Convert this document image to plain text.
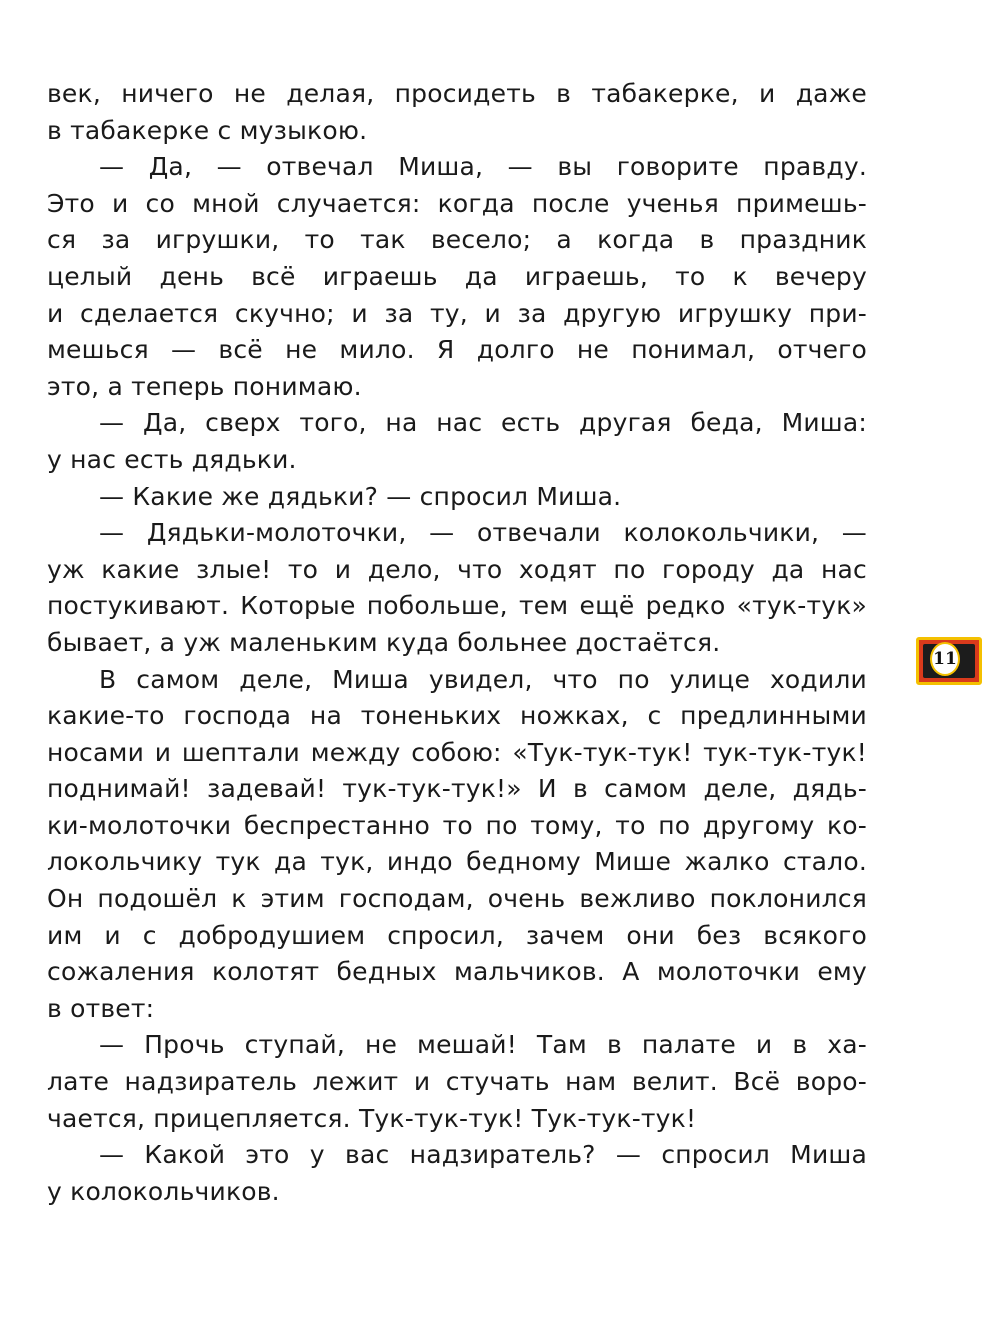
век, ничего не делая, просидеть в табакерке, и даже
в табакерке с музыкою.
— Да, — отвечал Миша, — вы говорите правду.
Это и со мной случается: когда после ученья примешь-
ся за игрушки, то так весело; а когда в праздник
целый день всё играешь да играешь, то к вечеру
и сделается скучно; и за ту, и за другую игрушку при-
мешься — всё не мило. Я долго не понимал, отчего
это, а теперь понимаю.
— Да, сверх того, на нас есть другая беда, Миша:
у нас есть дядьки.
— Какие же дядьки? — спросил Миша.
— Дядьки-молоточки, — отвечали колокольчики, —
уж какие злые! то и дело, что ходят по городу да нас
постукивают. Которые побольше, тем ещё редко «тук-тук»
бывает, а уж маленьким куда больнее достаётся.
В самом деле, Миша увидел, что по улице ходили
какие-то господа на тоненьких ножках, с предлинными
носами и шептали между собою: «Тук-тук-тук! тук-тук-тук!
поднимай! задевай! тук-тук-тук!» И в самом деле, дядь-
ки-молоточки беспрестанно то по тому, то по другому ко-
локольчику тук да тук, индо бедному Мише жалко стало.
Он подошёл к этим господам, очень вежливо поклонился
им и с добродушием спросил, зачем они без всякого
сожаления колотят бедных мальчиков. А молоточки ему
в ответ:
— Прочь ступай, не мешай! Там в палате и в ха-
лате надзиратель лежит и стучать нам велит. Всё воро-
чается, прицепляется. Тук-тук-тук! Тук-тук-тук!
— Какой это у вас надзиратель? — спросил Миша
у колокольчиков.
11
